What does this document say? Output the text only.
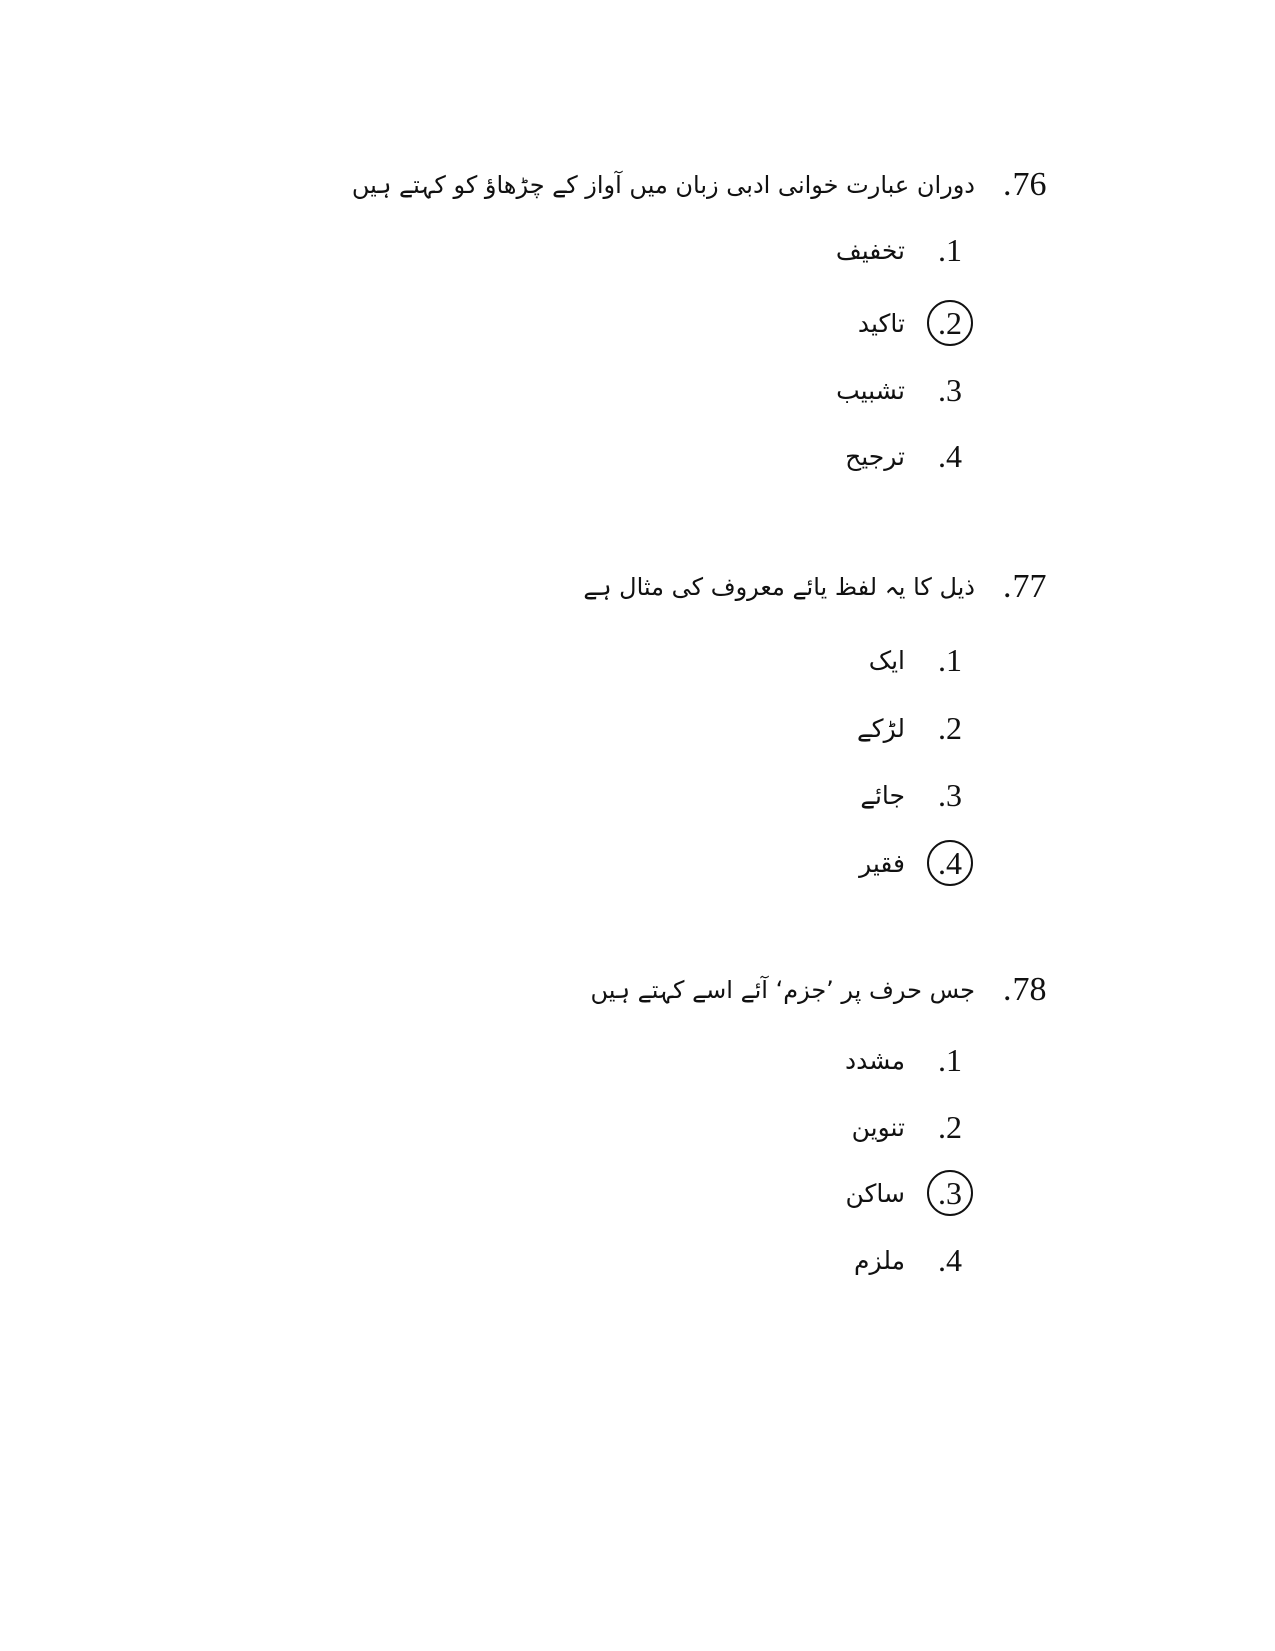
. 76
دوران عبارت خوانی ادبی زبان میں آواز کے چڑھاؤ کو کہتے ہیں
تخفیف . 1
تاکید . 2
تشبیب . 3
ترجیح . 4
. 77
ذیل کا یہ لفظ یائے معروف کی مثال ہے
ایک . 1
لڑکے . 2
جائے . 3
فقیر . 4
. 78
جس حرف پر ’جزم‘ آئے اسے کہتے ہیں
مشدد . 1
تنوین . 2
ساکن . 3
ملزم . 4
